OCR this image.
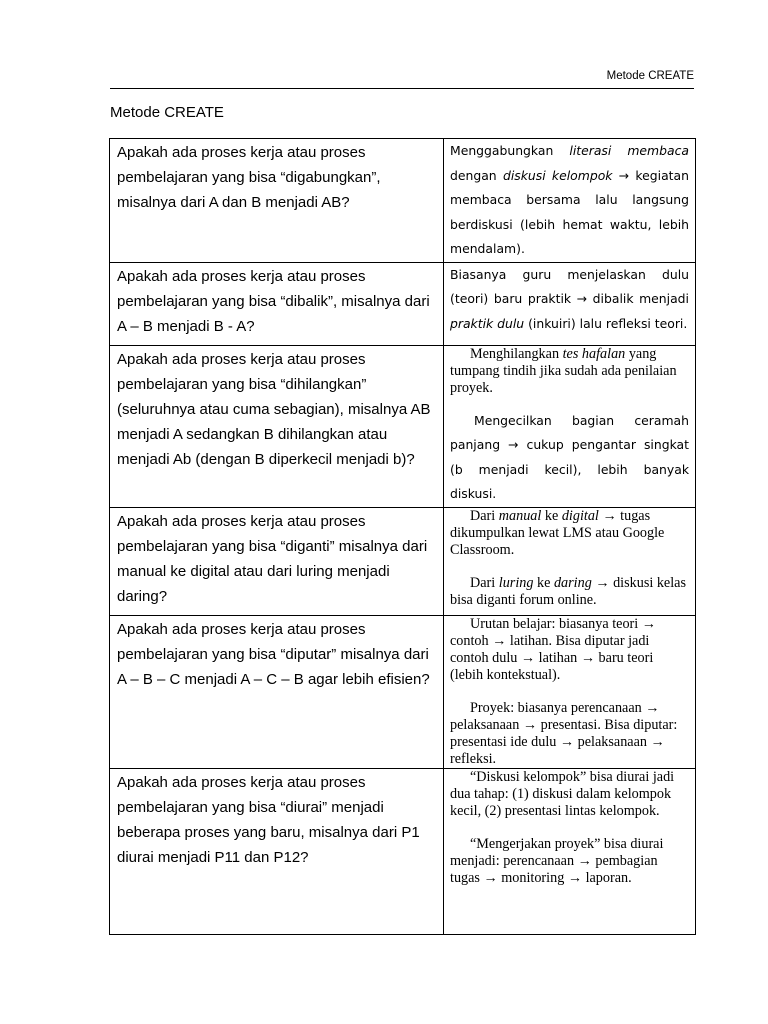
Metode CREATE
Metode CREATE
Apakah ada proses kerja atau proses pembelajaran yang bisa “digabungkan”, misalnya dari A dan B menjadi AB?	Menggabungkan literasi membaca dengan diskusi kelompok → kegiatan membaca bersama lalu langsung berdiskusi (lebih hemat waktu, lebih mendalam).

Apakah ada proses kerja atau proses pembelajaran yang bisa “dibalik”, misalnya dari A – B menjadi B - A?	Biasanya guru menjelaskan dulu (teori) baru praktik → dibalik menjadi praktik dulu (inkuiri) lalu refleksi teori.

Apakah ada proses kerja atau proses pembelajaran yang bisa “dihilangkan” (seluruhnya atau cuma sebagian), misalnya AB menjadi A sedangkan B dihilangkan atau menjadi Ab (dengan B diperkecil menjadi b)?	Menghilangkan tes hafalan yang tumpang tindih jika sudah ada penilaian proyek.

Mengecilkan bagian ceramah panjang → cukup pengantar singkat (b menjadi kecil), lebih banyak diskusi.

Apakah ada proses kerja atau proses pembelajaran yang bisa “diganti” misalnya dari manual ke digital atau dari luring menjadi daring?	Dari manual ke digital → tugas dikumpulkan lewat LMS atau Google Classroom.

Dari luring ke daring → diskusi kelas bisa diganti forum online.

Apakah ada proses kerja atau proses pembelajaran yang bisa “diputar” misalnya dari A – B – C menjadi A – C – B agar lebih efisien?	Urutan belajar: biasanya teori → contoh → latihan. Bisa diputar jadi contoh dulu → latihan → baru teori (lebih kontekstual).

Proyek: biasanya perencanaan → pelaksanaan → presentasi. Bisa diputar: presentasi ide dulu → pelaksanaan → refleksi.

Apakah ada proses kerja atau proses pembelajaran yang bisa “diurai” menjadi beberapa proses yang baru, misalnya dari P1 diurai menjadi P11 dan P12?	“Diskusi kelompok” bisa diurai jadi dua tahap: (1) diskusi dalam kelompok kecil, (2) presentasi lintas kelompok.

“Mengerjakan proyek” bisa diurai menjadi: perencanaan → pembagian tugas → monitoring → laporan.
